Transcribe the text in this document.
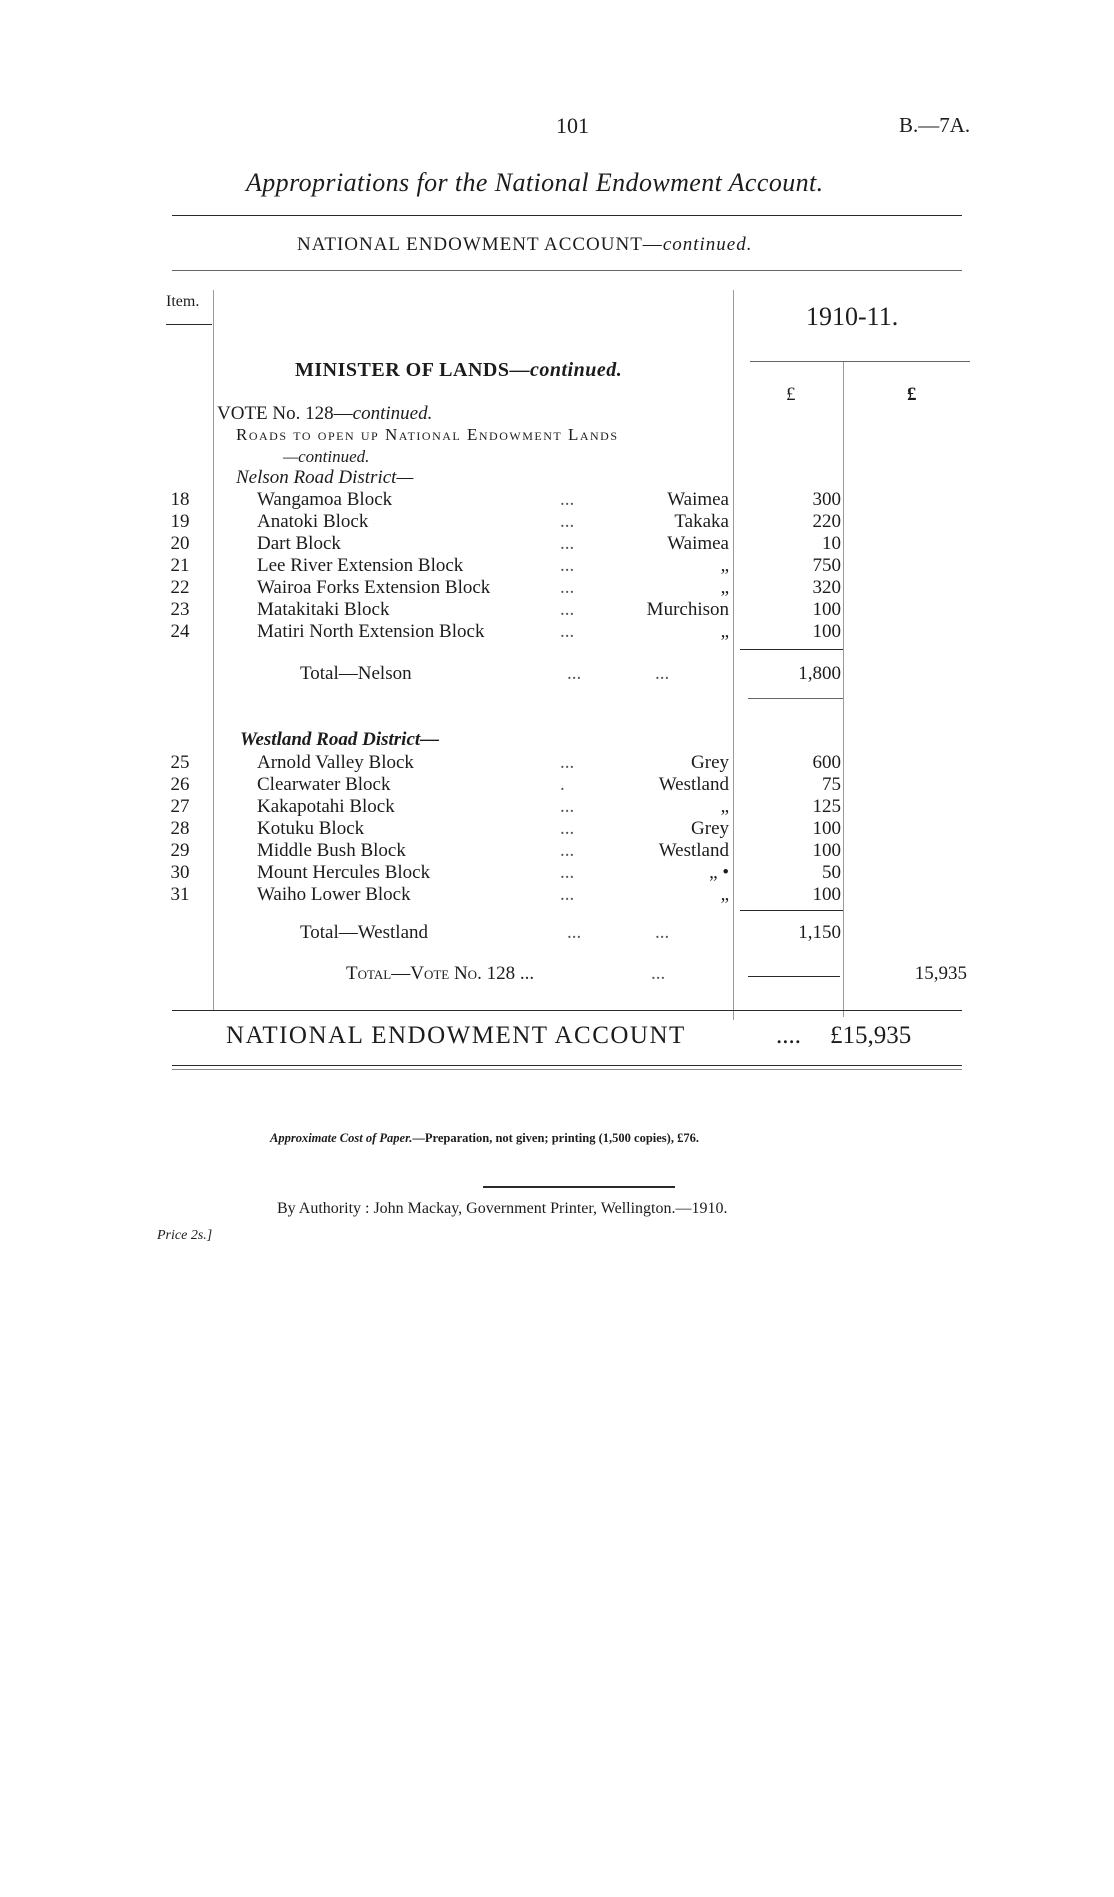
101	B.—7A.
Appropriations for the National Endowment Account.
NATIONAL ENDOWMENT ACCOUNT—continued.
Item.
1910-11.
£	£
MINISTER OF LANDS—continued.
VOTE No. 128—continued.
Roads to open up National Endowment Lands
—continued.
Nelson Road District—
18	Wangamoa Block	...	Waimea	300
19	Anatoki Block	...	Takaka	220
20	Dart Block	...	Waimea	10
21	Lee River Extension Block	...	„	750
22	Wairoa Forks Extension Block	...	„	320
23	Matakitaki Block	...	Murchison	100
24	Matiri North Extension Block	...	„	100
Total—Nelson	...	...	1,800
Westland Road District—
25	Arnold Valley Block	...	Grey	600
26	Clearwater Block	.	Westland	75
27	Kakapotahi Block	...	„	125
28	Kotuku Block	...	Grey	100
29	Middle Bush Block	...	Westland	100
30	Mount Hercules Block	...	„ •	50
31	Waiho Lower Block	...	„	100
Total—Westland	...	...	1,150
Total—Vote No. 128 ...	...	15,935
NATIONAL ENDOWMENT ACCOUNT	.... £15,935
Approximate Cost of Paper.—Preparation, not given; printing (1,500 copies), £76.
By Authority : John Mackay, Government Printer, Wellington.—1910.
Price 2s.]
